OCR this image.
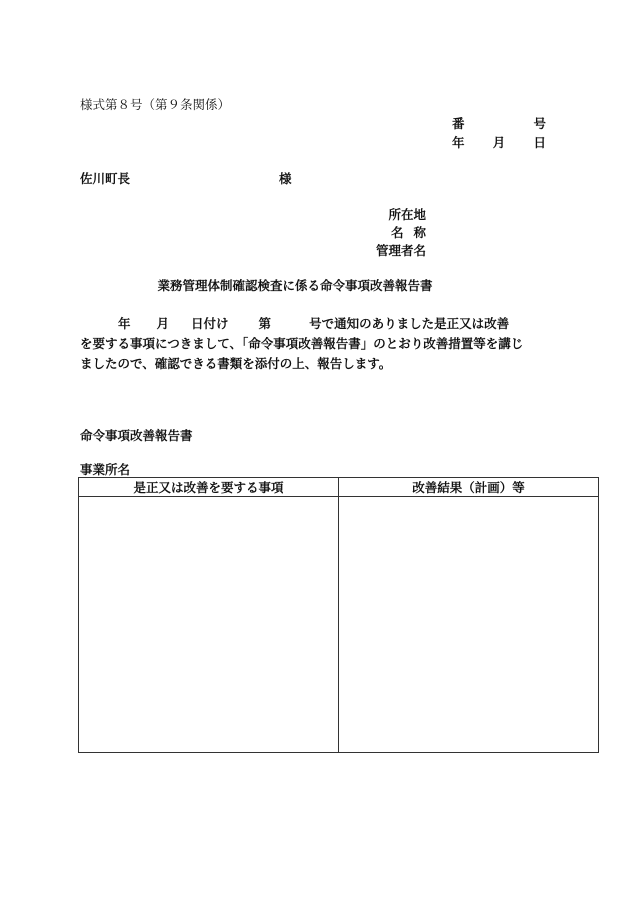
様式第８号（第９条関係）
番	号
年 月 日
佐川町長	様
所在地
名 称
管理者名
業務管理体制確認検査に係る命令事項改善報告書
年 月 日付け 第	号で通知のありました是正又は改善
を要する事項につきまして、「命令事項改善報告書」のとおり改善措置等を講じ
ましたので、確認できる書類を添付の上、報告します。
命令事項改善報告書
事業所名
是正又は改善を要する事項	改善結果（計画）等
